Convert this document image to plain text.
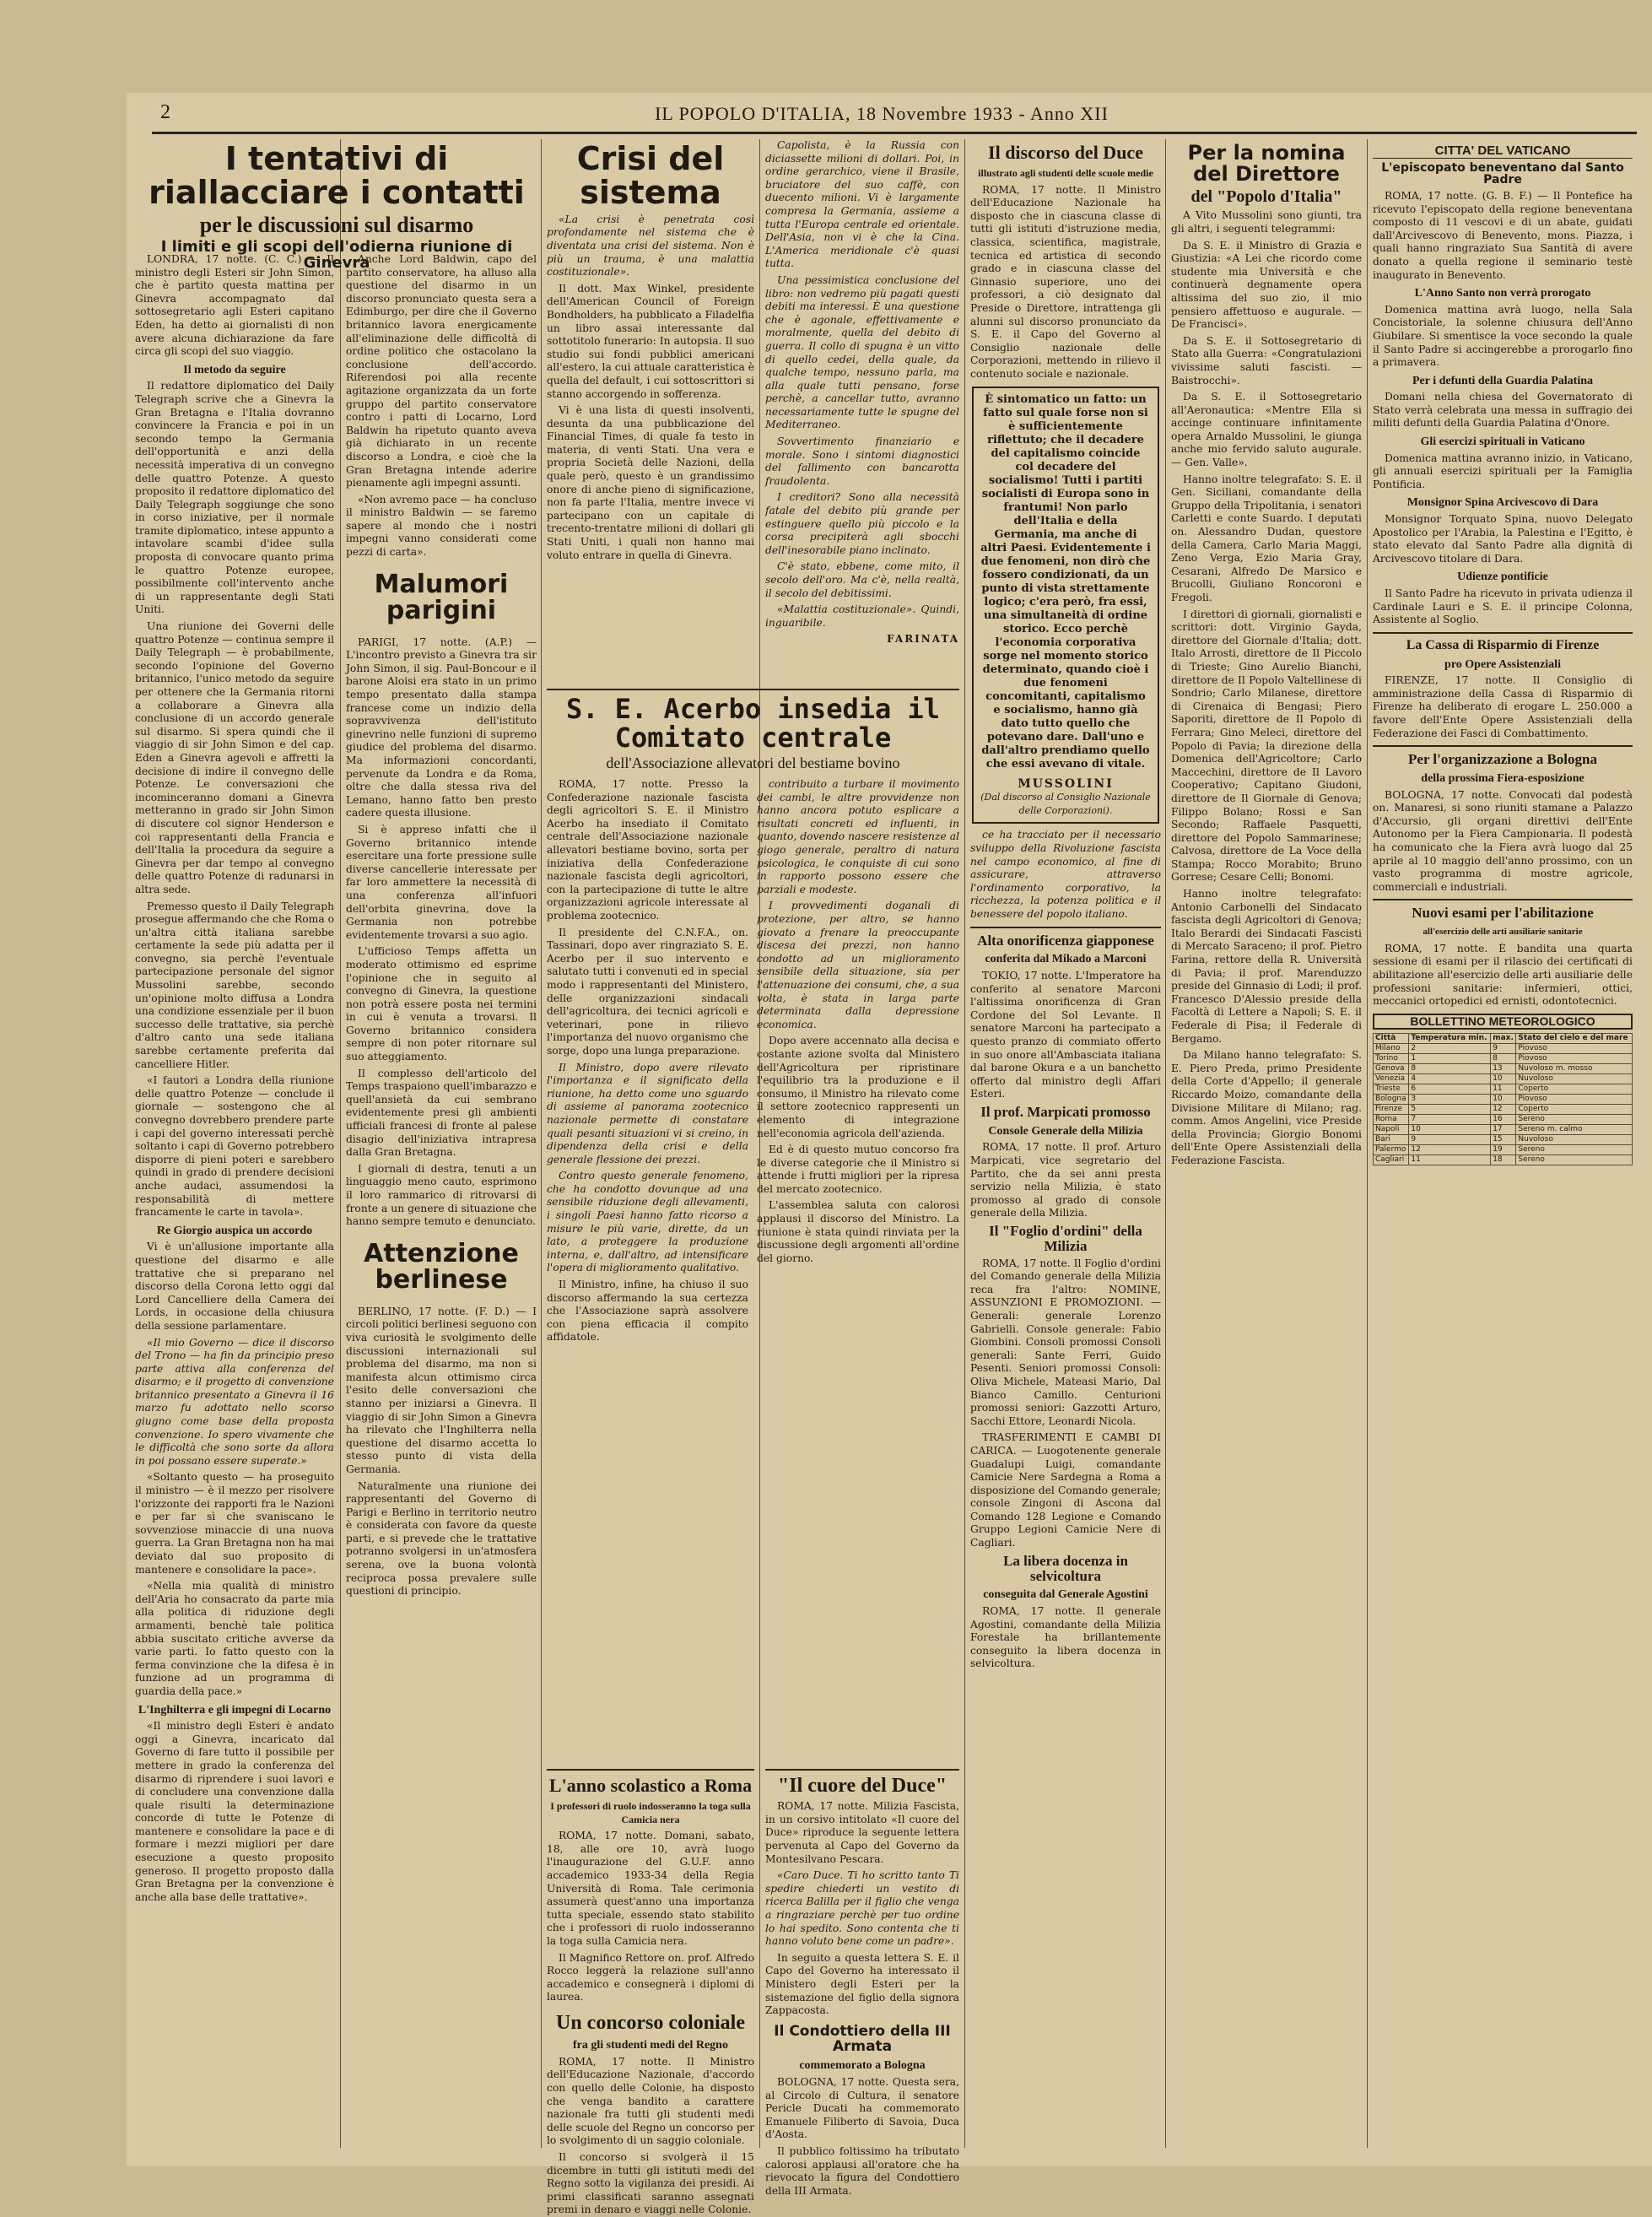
2	IL POPOLO D'ITALIA, 18 Novembre 1933 - Anno XII
I tentativi di riallacciare i contatti
per le discussioni sul disarmo
I limiti e gli scopi dell'odierna riunione di Ginevra

LONDRA, 17 notte. (C. C.) — Il ministro degli Esteri sir John Simon, che è partito questa mattina per Ginevra accompagnato dal sottosegretario agli Esteri capitano Eden, ha detto ai giornalisti di non avere alcuna dichiarazione da fare circa gli scopi del suo viaggio.

Il metodo da seguire

Il redattore diplomatico del Daily Telegraph scrive che a Ginevra la Gran Bretagna e l'Italia dovranno convincere la Francia e poi in un secondo tempo la Germania dell'opportunità e anzi della necessità imperativa di un convegno delle quattro Potenze. A questo proposito il redattore diplomatico del Daily Telegraph soggiunge che sono in corso iniziative, per il normale tramite diplomatico, intese appunto a intavolare scambi d'idee sulla proposta di convocare quanto prima le quattro Potenze europee, possibilmente coll'intervento anche di un rappresentante degli Stati Uniti.

Una riunione dei Governi delle quattro Potenze — continua sempre il Daily Telegraph — è probabilmente, secondo l'opinione del Governo britannico, l'unico metodo da seguire per ottenere che la Germania ritorni a collaborare a Ginevra alla conclusione di un accordo generale sul disarmo. Si spera quindi che il viaggio di sir John Simon e del cap. Eden a Ginevra agevoli e affretti la decisione di indire il convegno delle Potenze. Le conversazioni che incominceranno domani a Ginevra metteranno in grado sir John Simon di discutere col signor Henderson e coi rappresentanti della Francia e dell'Italia la procedura da seguire a Ginevra per dar tempo al convegno delle quattro Potenze di radunarsi in altra sede.

Premesso questo il Daily Telegraph prosegue affermando che che Roma o un'altra città italiana sarebbe certamente la sede più adatta per il convegno, sia perchè l'eventuale partecipazione personale del signor Mussolini sarebbe, secondo un'opinione molto diffusa a Londra una condizione essenziale per il buon successo delle trattative, sia perchè d'altro canto una sede italiana sarebbe certamente preferita dal cancelliere Hitler.

«I fautori a Londra della riunione delle quattro Potenze — conclude il giornale — sostengono che al convegno dovrebbero prendere parte i capi del governo interessati perchè soltanto i capi di Governo potrebbero disporre di pieni poteri e sarebbero quindi in grado di prendere decisioni anche audaci, assumendosi la responsabilità di mettere francamente le carte in tavola».

Re Giorgio auspica un accordo

Vi è un'allusione importante alla questione del disarmo e alle trattative che si preparano nel discorso della Corona letto oggi dal Lord Cancelliere della Camera dei Lords, in occasione della chiusura della sessione parlamentare.

«Il mio Governo — dice il discorso del Trono — ha fin da principio preso parte attiva alla conferenza del disarmo; e il progetto di convenzione britannico presentato a Ginevra il 16 marzo fu adottato nello scorso giugno come base della proposta convenzione. Io spero vivamente che le difficoltà che sono sorte da allora in poi possano essere superate.»

«Soltanto questo — ha proseguito il ministro — è il mezzo per risolvere l'orizzonte dei rapporti fra le Nazioni e per far sì che svaniscano le sovvenziose minaccie di una nuova guerra. La Gran Bretagna non ha mai deviato dal suo proposito di mantenere e consolidare la pace».

«Nella mia qualità di ministro dell'Aria ho consacrato da parte mia alla politica di riduzione degli armamenti, benchè tale politica abbia suscitato critiche avverse da varie parti. Io fatto questo con la ferma convinzione che la difesa è in funzione ad un programma di guardia della pace.»

L'Inghilterra e gli impegni di Locarno

«Il ministro degli Esteri è andato oggi a Ginevra, incaricato dal Governo di fare tutto il possibile per mettere in grado la conferenza del disarmo di riprendere i suoi lavori e di concludere una convenzione dalla quale risulti la determinazione concorde di tutte le Potenze di mantenere e consolidare la pace e di formare i mezzi migliori per dare esecuzione a questo proposito generoso. Il progetto proposto dalla Gran Bretagna per la convenzione è anche alla base delle trattative».

Anche Lord Baldwin, capo del partito conservatore, ha alluso alla questione del disarmo in un discorso pronunciato questa sera a Edimburgo, per dire che il Governo britannico lavora energicamente all'eliminazione delle difficoltà di ordine politico che ostacolano la conclusione dell'accordo. Riferendosi poi alla recente agitazione organizzata da un forte gruppo del partito conservatore contro i patti di Locarno, Lord Baldwin ha ripetuto quanto aveva già dichiarato in un recente discorso a Londra, e cioè che la Gran Bretagna intende aderire pienamente agli impegni assunti.

«Non avremo pace — ha concluso il ministro Baldwin — se faremo sapere al mondo che i nostri impegni vanno considerati come pezzi di carta».

Malumori parigini

PARIGI, 17 notte. (A.P.) — L'incontro previsto a Ginevra tra sir John Simon, il sig. Paul-Boncour e il barone Aloisi era stato in un primo tempo presentato dalla stampa francese come un indizio della sopravvivenza dell'istituto ginevrino nelle funzioni di supremo giudice del problema del disarmo. Ma informazioni concordanti, pervenute da Londra e da Roma, oltre che dalla stessa riva del Lemano, hanno fatto ben presto cadere questa illusione.

Si è appreso infatti che il Governo britannico intende esercitare una forte pressione sulle diverse cancellerie interessate per far loro ammettere la necessità di una conferenza all'infuori dell'orbita ginevrina, dove la Germania non potrebbe evidentemente trovarsi a suo agio.

L'ufficioso Temps affetta un moderato ottimismo ed esprime l'opinione che in seguito al convegno di Ginevra, la questione non potrà essere posta nei termini in cui è venuta a trovarsi. Il Governo britannico considera sempre di non poter ritornare sul suo atteggiamento.

Il complesso dell'articolo del Temps traspaiono quell'imbarazzo e quell'ansietà da cui sembrano evidentemente presi gli ambienti ufficiali francesi di fronte al palese disagio dell'iniziativa intrapresa dalla Gran Bretagna.

I giornali di destra, tenuti a un linguaggio meno cauto, esprimono il loro rammarico di ritrovarsi di fronte a un genere di situazione che hanno sempre temuto e denunciato.

Attenzione berlinese

BERLINO, 17 notte. (F. D.) — I circoli politici berlinesi seguono con viva curiosità le svolgimento delle discussioni internazionali sul problema del disarmo, ma non si manifesta alcun ottimismo circa l'esito delle conversazioni che stanno per iniziarsi a Ginevra. Il viaggio di sir John Simon a Ginevra ha rilevato che l'Inghilterra nella questione del disarmo accetta lo stesso punto di vista della Germania.

Naturalmente una riunione dei rappresentanti del Governo di Parigi e Berlino in territorio neutro è considerata con favore da queste parti, e si prevede che le trattative potranno svolgersi in un'atmosfera serena, ove la buona volontà reciproca possa prevalere sulle questioni di principio.

Crisi del sistema

«La crisi è penetrata così profondamente nel sistema che è diventata una crisi del sistema. Non è più un trauma, è una malattia costituzionale».

Il dott. Max Winkel, presidente dell'American Council of Foreign Bondholders, ha pubblicato a Filadelfia un libro assai interessante dal sottotitolo funerario: In autopsia. Il suo studio sui fondi pubblici americani all'estero, la cui attuale caratteristica è quella del default, i cui sottoscrittori si stanno accorgendo in sofferenza.

Vi è una lista di questi insolventi, desunta da una pubblicazione del Financial Times, di quale fa testo in materia, di venti Stati. Una vera e propria Società delle Nazioni, della quale però, questo è un grandissimo onore di anche pieno di significazione, non fa parte l'Italia, mentre invece vi partecipano con un capitale di trecento-trentatre milioni di dollari gli Stati Uniti, i quali non hanno mai voluto entrare in quella di Ginevra.

Capolista, è la Russia con diciassette milioni di dollari. Poi, in ordine gerarchico, viene il Brasile, bruciatore del suo caffè, con duecento milioni. Vi è largamente compresa la Germania, assieme a tutta l'Europa centrale ed orientale. Dell'Asia, non vi è che la Cina. L'America meridionale c'è quasi tutta.

Una pessimistica conclusione del libro: non vedremo più pagati questi debiti ma interessi. È una questione che è agonale, effettivamente e moralmente, quella del debito di guerra. Il collo di spugna è un vitto di quello cedei, della quale, da qualche tempo, nessuno parla, ma alla quale tutti pensano, forse perchè, a cancellar tutto, avranno necessariamente tutte le spugne del Mediterraneo.

Sovvertimento finanziario e morale. Sono i sintomi diagnostici del fallimento con bancarotta fraudolenta.

I creditori? Sono alla necessità fatale del debito più grande per estinguere quello più piccolo e la corsa precipiterà agli sbocchi dell'inesorabile piano inclinato.

C'è stato, ebbene, come mito, il secolo dell'oro. Ma c'è, nella realtà, il secolo del debitissimi.

«Malattia costituzionale». Quindi, inguaribile.

FARINATA
S. E. Acerbo insedia il Comitato centrale
dell'Associazione allevatori del bestiame bovino

ROMA, 17 notte. Presso la Confederazione nazionale fascista degli agricoltori S. E. il Ministro Acerbo ha insediato il Comitato centrale dell'Associazione nazionale allevatori bestiame bovino, sorta per iniziativa della Confederazione nazionale fascista degli agricoltori, con la partecipazione di tutte le altre organizzazioni agricole interessate al problema zootecnico.

Il presidente del C.N.F.A., on. Tassinari, dopo aver ringraziato S. E. Acerbo per il suo intervento e salutato tutti i convenuti ed in special modo i rappresentanti del Ministero, delle organizzazioni sindacali dell'agricoltura, dei tecnici agricoli e veterinari, pone in rilievo l'importanza del nuovo organismo che sorge, dopo una lunga preparazione.

Il Ministro, dopo avere rilevato l'importanza e il significato della riunione, ha detto come uno sguardo di assieme al panorama zootecnico nazionale permette di constatare quali pesanti situazioni vi si creino, in dipendenza della crisi e della generale flessione dei prezzi.

Contro questo generale fenomeno, che ha condotto dovunque ad una sensibile riduzione degli allevamenti, i singoli Paesi hanno fatto ricorso a misure le più varie, dirette, da un lato, a proteggere la produzione interna, e, dall'altro, ad intensificare l'opera di miglioramento qualitativo.

Il Ministro, infine, ha chiuso il suo discorso affermando la sua certezza che l'Associazione saprà assolvere con piena efficacia il compito affidatole.

contribuito a turbare il movimento dei cambi, le altre provvidenze non hanno ancora potuto esplicare a risultati concreti ed influenti, in quanto, dovendo nascere resistenze al giogo generale, peraltro di natura psicologica, le conquiste di cui sono in rapporto possono essere che parziali e modeste.

I provvedimenti doganali di protezione, per altro, se hanno giovato a frenare la preoccupante discesa dei prezzi, non hanno condotto ad un miglioramento sensibile della situazione, sia per l'attenuazione dei consumi, che, a sua volta, è stata in larga parte determinata dalla depressione economica.

Dopo avere accennato alla decisa e costante azione svolta dal Ministero dell'Agricoltura per ripristinare l'equilibrio tra la produzione e il consumo, il Ministro ha rilevato come il settore zootecnico rappresenti un elemento di integrazione nell'economia agricola dell'azienda.

Ed è di questo mutuo concorso fra le diverse categorie che il Ministro si attende i frutti migliori per la ripresa del mercato zootecnico.

L'assemblea saluta con calorosi applausi il discorso del Ministro. La riunione è stata quindi rinviata per la discussione degli argomenti all'ordine del giorno.

L'anno scolastico a Roma
I professori di ruolo indosseranno la toga sulla Camicia nera

ROMA, 17 notte. Domani, sabato, 18, alle ore 10, avrà luogo l'inaugurazione del G.U.F. anno accademico 1933-34 della Regia Università di Roma. Tale cerimonia assumerà quest'anno una importanza tutta speciale, essendo stato stabilito che i professori di ruolo indosseranno la toga sulla Camicia nera.

Il Magnifico Rettore on. prof. Alfredo Rocco leggerà la relazione sull'anno accademico e consegnerà i diplomi di laurea.

Un concorso coloniale
fra gli studenti medi del Regno

ROMA, 17 notte. Il Ministro dell'Educazione Nazionale, d'accordo con quello delle Colonie, ha disposto che venga bandito a carattere nazionale fra tutti gli studenti medi delle scuole del Regno un concorso per lo svolgimento di un saggio coloniale.

Il concorso si svolgerà il 15 dicembre in tutti gli istituti medi del Regno sotto la vigilanza dei presidi. Ai primi classificati saranno assegnati premi in denaro e viaggi nelle Colonie.

"Il cuore del Duce"

ROMA, 17 notte. Milizia Fascista, in un corsivo intitolato «Il cuore del Duce» riproduce la seguente lettera pervenuta al Capo del Governo da Montesilvano Pescara.

«Caro Duce. Ti ho scritto tanto Ti spedire chiederti un vestito di ricerca Balilla per il figlio che venga a ringraziare perchè per tuo ordine lo hai spedito. Sono contenta che ti hanno voluto bene come un padre».

In seguito a questa lettera S. E. il Capo del Governo ha interessato il Ministero degli Esteri per la sistemazione del figlio della signora Zappacosta.

Il Condottiero della III Armata
commemorato a Bologna

BOLOGNA, 17 notte. Questa sera, al Circolo di Cultura, il senatore Pericle Ducati ha commemorato Emanuele Filiberto di Savoia, Duca d'Aosta.

Il pubblico foltissimo ha tributato calorosi applausi all'oratore che ha rievocato la figura del Condottiero della III Armata.

Il discorso del Duce
illustrato agli studenti delle scuole medie

ROMA, 17 notte. Il Ministro dell'Educazione Nazionale ha disposto che in ciascuna classe di tutti gli istituti d'istruzione media, classica, scientifica, magistrale, tecnica ed artistica di secondo grado e in ciascuna classe del Ginnasio superiore, uno dei professori, a ciò designato dal Preside o Direttore, intrattenga gli alunni sul discorso pronunciato da S. E. il Capo del Governo al Consiglio nazionale delle Corporazioni, mettendo in rilievo il contenuto sociale e nazionale.

È sintomatico un fatto: un fatto sul quale forse non si è sufficientemente riflettuto; che il decadere del capitalismo coincide col decadere del socialismo! Tutti i partiti socialisti di Europa sono in frantumi! Non parlo dell'Italia e della Germania, ma anche di altri Paesi. Evidentemente i due fenomeni, non dirò che fossero condizionati, da un punto di vista strettamente logico; c'era però, fra essi, una simultaneità di ordine storico. Ecco perchè l'economia corporativa sorge nel momento storico determinato, quando cioè i due fenomeni concomitanti, capitalismo e socialismo, hanno già dato tutto quello che potevano dare. Dall'uno e dall'altro prendiamo quello che essi avevano di vitale.
MUSSOLINI
(Dal discorso al Consiglio Nazionale delle Corporazioni).

ce ha tracciato per il necessario sviluppo della Rivoluzione fascista nel campo economico, al fine di assicurare, attraverso l'ordinamento corporativo, la ricchezza, la potenza politica e il benessere del popolo italiano.

Alta onorificenza giapponese
conferita dal Mikado a Marconi

TOKIO, 17 notte. L'Imperatore ha conferito al senatore Marconi l'altissima onorificenza di Gran Cordone del Sol Levante. Il senatore Marconi ha partecipato a questo pranzo di commiato offerto in suo onore all'Ambasciata italiana dal barone Okura e a un banchetto offerto dal ministro degli Affari Esteri.

Il prof. Marpicati promosso
Console Generale della Milizia

ROMA, 17 notte. Il prof. Arturo Marpicati, vice segretario del Partito, che da sei anni presta servizio nella Milizia, è stato promosso al grado di console generale della Milizia.

Il "Foglio d'ordini" della Milizia

ROMA, 17 notte. Il Foglio d'ordini del Comando generale della Milizia reca fra l'altro: NOMINE, ASSUNZIONI E PROMOZIONI. — Generali: generale Lorenzo Gabrielli. Console generale: Fabio Giombini. Consoli promossi Consoli generali: Sante Ferri, Guido Pesenti. Seniori promossi Consoli: Oliva Michele, Mateasi Mario, Dal Bianco Camillo. Centurioni promossi seniori: Gazzotti Arturo, Sacchi Ettore, Leonardi Nicola.

TRASFERIMENTI E CAMBI DI CARICA. — Luogotenente generale Guadalupi Luigi, comandante Camicie Nere Sardegna a Roma a disposizione del Comando generale; console Zingoni di Ascona dal Comando 128 Legione e Comando Gruppo Legioni Camicie Nere di Cagliari.

La libera docenza in selvicoltura
conseguita dal Generale Agostini

ROMA, 17 notte. Il generale Agostini, comandante della Milizia Forestale ha brillantemente conseguito la libera docenza in selvicoltura.

Per la nomina del Direttore
del "Popolo d'Italia"

A Vito Mussolini sono giunti, tra gli altri, i seguenti telegrammi:

Da S. E. il Ministro di Grazia e Giustizia: «A Lei che ricordo come studente mia Università e che continuerà degnamente opera altissima del suo zio, il mio pensiero affettuoso e augurale. — De Francisci».

Da S. E. il Sottosegretario di Stato alla Guerra: «Congratulazioni vivissime saluti fascisti. — Baistrocchi».

Da S. E. il Sottosegretario all'Aeronautica: «Mentre Ella si accinge continuare infinitamente opera Arnaldo Mussolini, le giunga anche mio fervido saluto augurale. — Gen. Valle».

Hanno inoltre telegrafato: S. E. il Gen. Siciliani, comandante della Gruppo della Tripolitania, i senatori Carletti e conte Suardo. I deputati on. Alessandro Dudan, questore della Camera, Carlo Maria Maggi, Zeno Verga, Ezio Maria Gray, Cesarani, Alfredo De Marsico e Brucolli, Giuliano Roncoroni e Fregoli.

I direttori di giornali, giornalisti e scrittori: dott. Virginio Gayda, direttore del Giornale d'Italia; dott. Italo Arrosti, direttore de Il Piccolo di Trieste; Gino Aurelio Bianchi, direttore de Il Popolo Valtellinese di Sondrio; Carlo Milanese, direttore di Cirenaica di Bengasi; Piero Saporiti, direttore de Il Popolo di Ferrara; Gino Meleci, direttore del Popolo di Pavia; la direzione della Domenica dell'Agricoltore; Carlo Maccechini, direttore de Il Lavoro Cooperativo; Capitano Giudoni, direttore de Il Giornale di Genova; Filippo Bolano; Rossi e San Secondo; Raffaele Pasquetti, direttore del Popolo Sammarinese; Calvosa, direttore de La Voce della Stampa; Rocco Morabito; Bruno Gorrese; Cesare Celli; Bonomi.

Hanno inoltre telegrafato: Antonio Carbonelli del Sindacato fascista degli Agricoltori di Genova; Italo Berardi dei Sindacati Fascisti di Mercato Saraceno; il prof. Pietro Farina, rettore della R. Università di Pavia; il prof. Marenduzzo preside del Ginnasio di Lodi; il prof. Francesco D'Alessio preside della Facoltà di Lettere a Napoli; S. E. il Federale di Pisa; il Federale di Bergamo.

Da Milano hanno telegrafato: S. E. Piero Preda, primo Presidente della Corte d'Appello; il generale Riccardo Moizo, comandante della Divisione Militare di Milano; rag. comm. Amos Angelini, vice Preside della Provincia; Giorgio Bonomi dell'Ente Opere Assistenziali della Federazione Fascista.

CITTA' DEL VATICANO
L'episcopato beneventano dal Santo Padre

ROMA, 17 notte. (G. B. F.) — Il Pontefice ha ricevuto l'episcopato della regione beneventana composto di 11 vescovi e di un abate, guidati dall'Arcivescovo di Benevento, mons. Piazza, i quali hanno ringraziato Sua Santità di avere donato a quella regione il seminario testè inaugurato in Benevento.

L'Anno Santo non verrà prorogato

Domenica mattina avrà luogo, nella Sala Concistoriale, la solenne chiusura dell'Anno Giubilare. Si smentisce la voce secondo la quale il Santo Padre si accingerebbe a prorogarlo fino a primavera.

Per i defunti della Guardia Palatina

Domani nella chiesa del Governatorato di Stato verrà celebrata una messa in suffragio dei militi defunti della Guardia Palatina d'Onore.

Gli esercizi spirituali in Vaticano

Domenica mattina avranno inizio, in Vaticano, gli annuali esercizi spirituali per la Famiglia Pontificia.

Monsignor Spina Arcivescovo di Dara

Monsignor Torquato Spina, nuovo Delegato Apostolico per l'Arabia, la Palestina e l'Egitto, è stato elevato dal Santo Padre alla dignità di Arcivescovo titolare di Dara.

Udienze pontificie

Il Santo Padre ha ricevuto in privata udienza il Cardinale Lauri e S. E. il principe Colonna, Assistente al Soglio.

La Cassa di Risparmio di Firenze
pro Opere Assistenziali

FIRENZE, 17 notte. Il Consiglio di amministrazione della Cassa di Risparmio di Firenze ha deliberato di erogare L. 250.000 a favore dell'Ente Opere Assistenziali della Federazione dei Fasci di Combattimento.

Per l'organizzazione a Bologna
della prossima Fiera-esposizione

BOLOGNA, 17 notte. Convocati dal podestà on. Manaresi, si sono riuniti stamane a Palazzo d'Accursio, gli organi direttivi dell'Ente Autonomo per la Fiera Campionaria. Il podestà ha comunicato che la Fiera avrà luogo dal 25 aprile al 10 maggio dell'anno prossimo, con un vasto programma di mostre agricole, commerciali e industriali.

Nuovi esami per l'abilitazione
all'esercizio delle arti ausiliarie sanitarie

ROMA, 17 notte. È bandita una quarta sessione di esami per il rilascio dei certificati di abilitazione all'esercizio delle arti ausiliarie delle professioni sanitarie: infermieri, ottici, meccanici ortopedici ed ernisti, odontotecnici.

BOLLETTINO METEOROLOGICO
Città	Temperatura min.	max.	Stato del cielo e del mare
Milano	2	9	Piovoso
Torino	1	8	Piovoso
Genova	8	13	Nuvoloso m. mosso
Venezia	4	10	Nuvoloso
Trieste	6	11	Coperto
Bologna	3	10	Piovoso
Firenze	5	12	Coperto
Roma	7	16	Sereno
Napoli	10	17	Sereno m. calmo
Bari	9	15	Nuvoloso
Palermo	12	19	Sereno
Cagliari	11	18	Sereno
